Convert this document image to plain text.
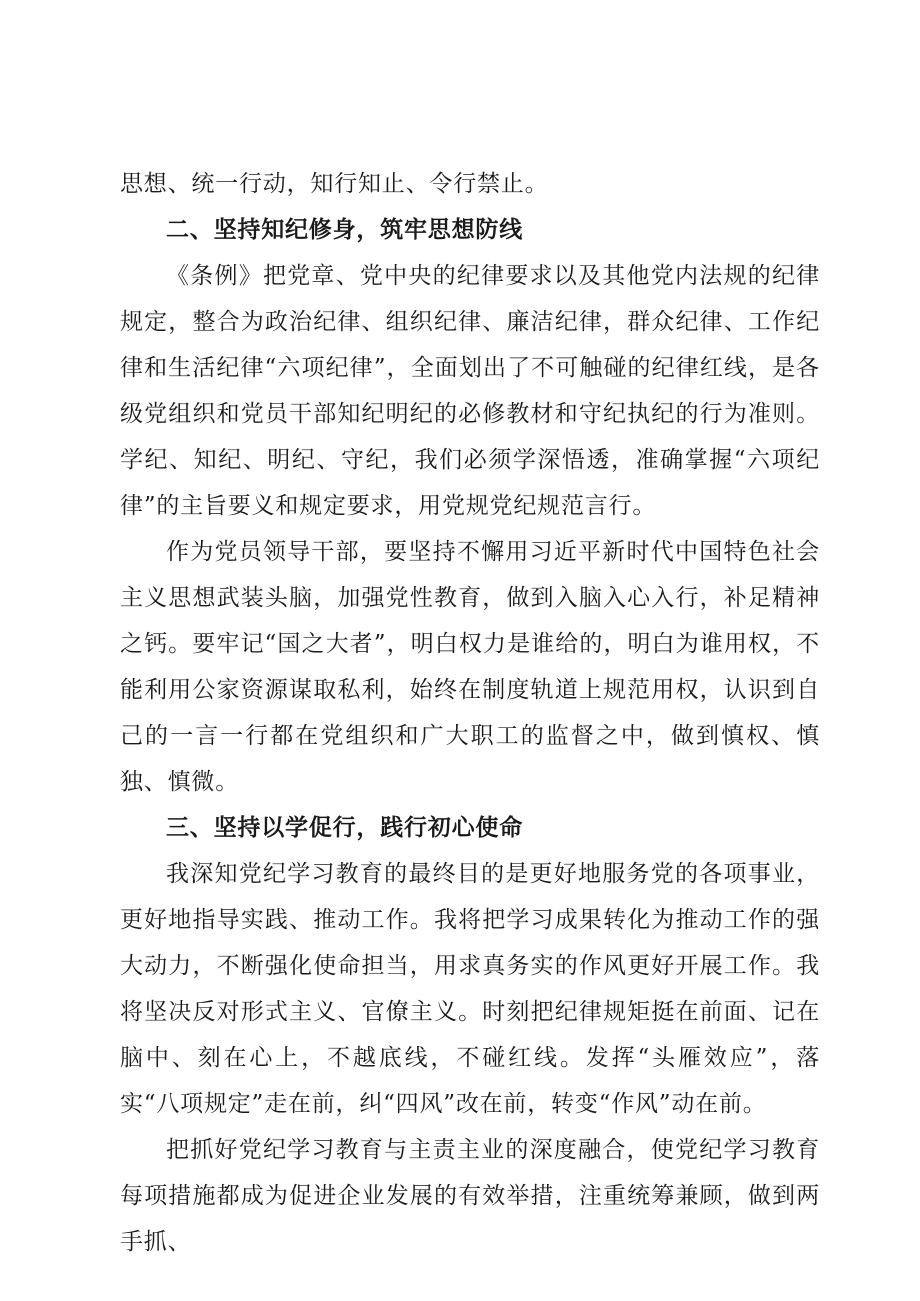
思想、统一行动，知行知止、令行禁止。

二、坚持知纪修身，筑牢思想防线

《条例》把党章、党中央的纪律要求以及其他党内法规的纪律规定，整合为政治纪律、组织纪律、廉洁纪律，群众纪律、工作纪律和生活纪律“六项纪律”，全面划出了不可触碰的纪律红线，是各级党组织和党员干部知纪明纪的必修教材和守纪执纪的行为准则。学纪、知纪、明纪、守纪，我们必须学深悟透，准确掌握“六项纪律”的主旨要义和规定要求，用党规党纪规范言行。

作为党员领导干部，要坚持不懈用习近平新时代中国特色社会主义思想武装头脑，加强党性教育，做到入脑入心入行，补足精神之钙。要牢记“国之大者”，明白权力是谁给的，明白为谁用权，不能利用公家资源谋取私利，始终在制度轨道上规范用权，认识到自己的一言一行都在党组织和广大职工的监督之中，做到慎权、慎独、慎微。

三、坚持以学促行，践行初心使命

我深知党纪学习教育的最终目的是更好地服务党的各项事业，更好地指导实践、推动工作。我将把学习成果转化为推动工作的强大动力，不断强化使命担当，用求真务实的作风更好开展工作。我将坚决反对形式主义、官僚主义。时刻把纪律规矩挺在前面、记在脑中、刻在心上，不越底线，不碰红线。发挥“头雁效应”，落实“八项规定”走在前，纠“四风”改在前，转变“作风”动在前。

把抓好党纪学习教育与主责主业的深度融合，使党纪学习教育每项措施都成为促进企业发展的有效举措，注重统筹兼顾，做到两手抓、
